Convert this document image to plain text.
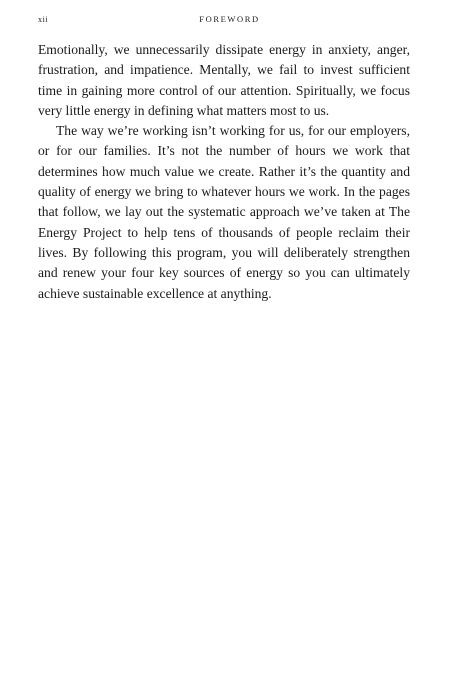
xii	FOREWORD

Emotionally, we unnecessarily dissipate energy in anxiety, anger, frustration, and impatience. Mentally, we fail to invest sufficient time in gaining more control of our attention. Spiritually, we focus very little energy in defining what matters most to us.

The way we’re working isn’t working for us, for our employers, or for our families. It’s not the number of hours we work that determines how much value we create. Rather it’s the quantity and quality of energy we bring to whatever hours we work. In the pages that follow, we lay out the systematic approach we’ve taken at The Energy Project to help tens of thousands of people reclaim their lives. By following this program, you will deliberately strengthen and renew your four key sources of energy so you can ultimately achieve sustainable excellence at anything.
